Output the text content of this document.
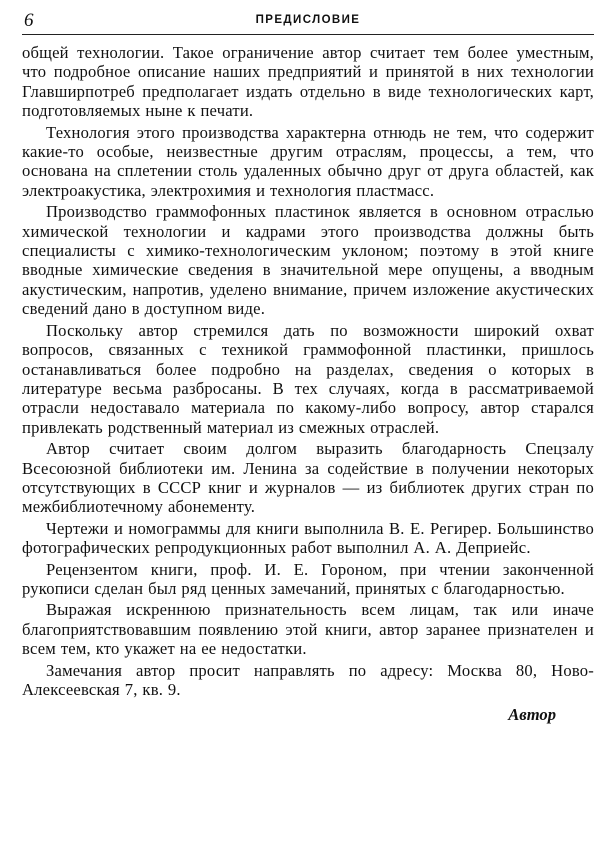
6	ПРЕДИСЛОВИЕ

общей технологии. Такое ограничение автор считает тем более уместным, что подробное описание наших предприятий и принятой в них технологии Главширпотреб предполагает издать отдельно в виде технологических карт, подготовляемых ныне к печати.

Технология этого производства характерна отнюдь не тем, что содержит какие-то особые, неизвестные другим отраслям, процессы, а тем, что основана на сплетении столь удаленных обычно друг от друга областей, как электроакустика, электрохимия и технология пластмасс.

Производство граммофонных пластинок является в основном отраслью химической технологии и кадрами этого производства должны быть специалисты с химико-технологическим уклоном; поэтому в этой книге вводные химические сведения в значительной мере опущены, а вводным акустическим, напротив, уделено внимание, причем изложение акустических сведений дано в доступном виде.

Поскольку автор стремился дать по возможности широкий охват вопросов, связанных с техникой граммофонной пластинки, пришлось останавливаться более подробно на разделах, сведения о которых в литературе весьма разбросаны. В тех случаях, когда в рассматриваемой отрасли недоставало материала по какому-либо вопросу, автор старался привлекать родственный материал из смежных отраслей.

Автор считает своим долгом выразить благодарность Спецзалу Всесоюзной библиотеки им. Ленина за содействие в получении некоторых отсутствующих в СССР книг и журналов — из библиотек других стран по межбиблиотечному абонементу.

Чертежи и номограммы для книги выполнила В. Е. Регирер. Большинство фотографических репродукционных работ выполнил А. А. Деприейс.

Рецензентом книги, проф. И. Е. Гороном, при чтении законченной рукописи сделан был ряд ценных замечаний, принятых с благодарностью.

Выражая искреннюю признательность всем лицам, так или иначе благоприятствовавшим появлению этой книги, автор заранее признателен и всем тем, кто укажет на ее недостатки.

Замечания автор просит направлять по адресу: Москва 80, Ново-Алексеевская 7, кв. 9.

Автор
